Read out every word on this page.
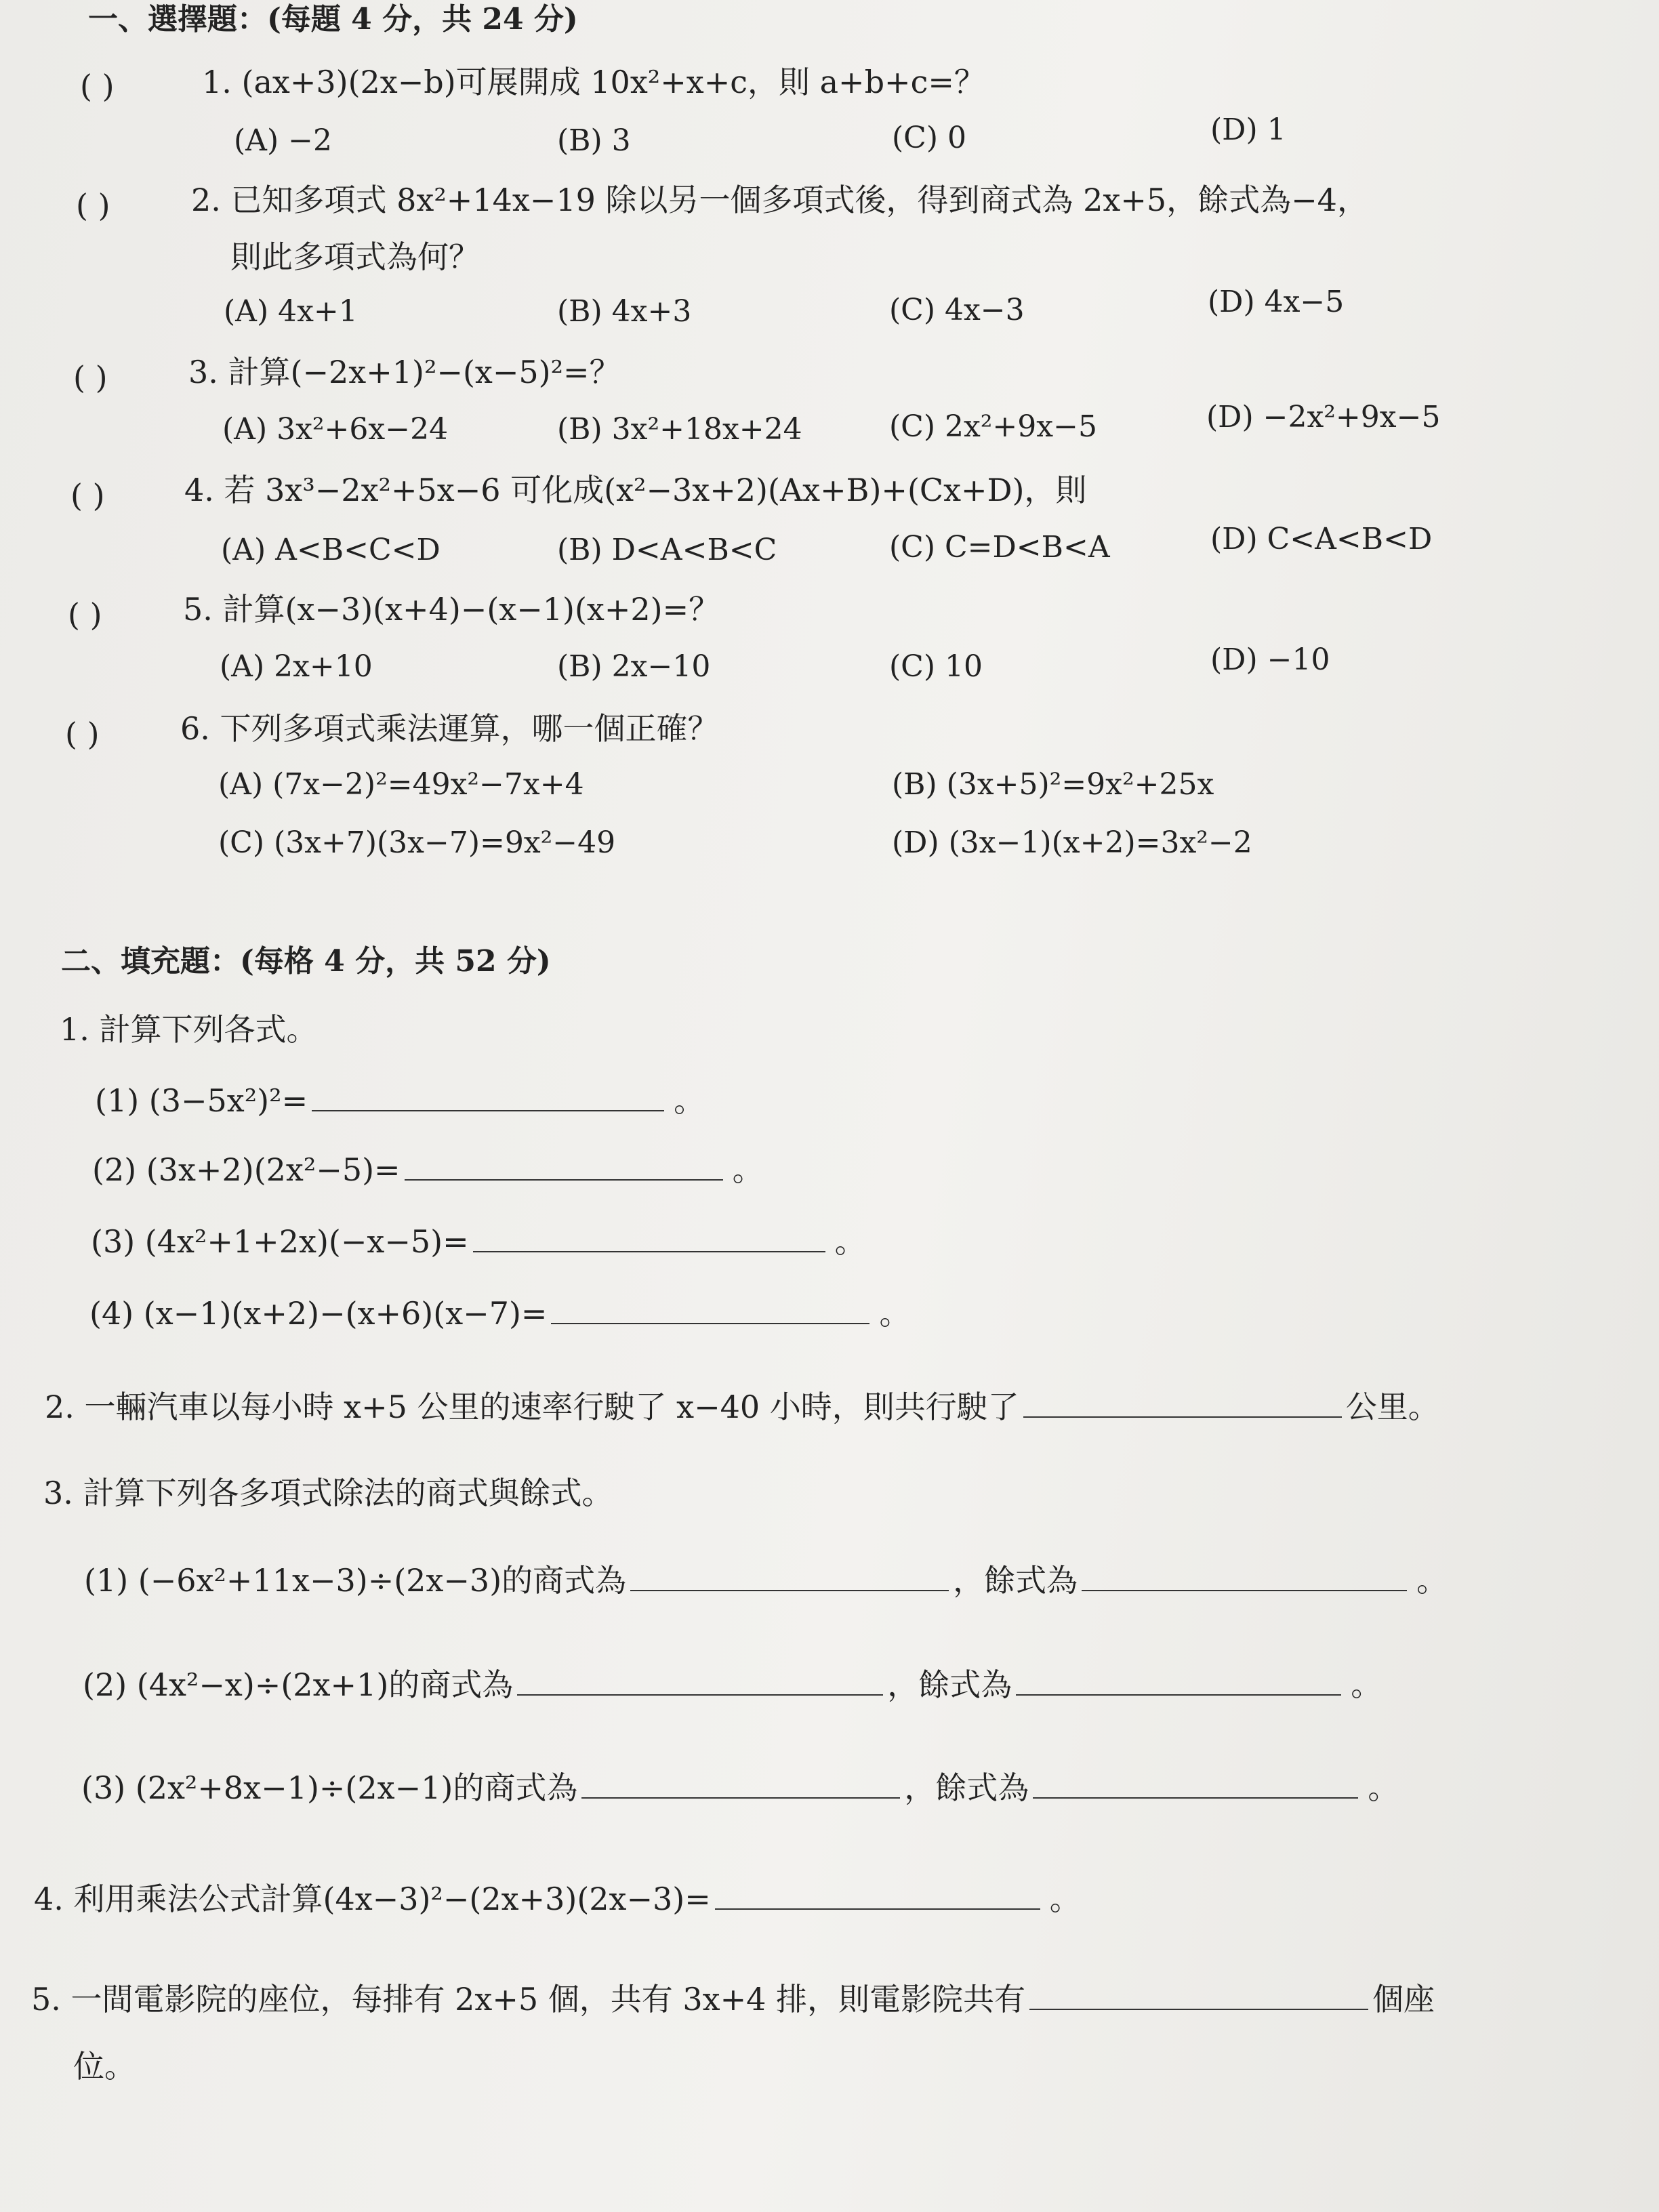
一、選擇題：(每題 4 分，共 24 分)
( )	1. (ax+3)(2x−b)可展開成 10x²+x+c，則 a+b+c=？
(A) −2	(B) 3	(C) 0	(D) 1
( )	2. 已知多項式 8x²+14x−19 除以另一個多項式後，得到商式為 2x+5，餘式為−4，
則此多項式為何？
(A) 4x+1	(B) 4x+3	(C) 4x−3	(D) 4x−5
( )	3. 計算(−2x+1)²−(x−5)²=？
(A) 3x²+6x−24	(B) 3x²+18x+24	(C) 2x²+9x−5	(D) −2x²+9x−5
( )	4. 若 3x³−2x²+5x−6 可化成(x²−3x+2)(Ax+B)+(Cx+D)，則
(A) A<B<C<D	(B) D<A<B<C	(C) C=D<B<A	(D) C<A<B<D
( )	5. 計算(x−3)(x+4)−(x−1)(x+2)=？
(A) 2x+10	(B) 2x−10	(C) 10	(D) −10
( )	6. 下列多項式乘法運算，哪一個正確？
(A) (7x−2)²=49x²−7x+4	(B) (3x+5)²=9x²+25x
(C) (3x+7)(3x−7)=9x²−49	(D) (3x−1)(x+2)=3x²−2
二、填充題：(每格 4 分，共 52 分)
1. 計算下列各式。
(1) (3−5x²)²=	。
(2) (3x+2)(2x²−5)=	。
(3) (4x²+1+2x)(−x−5)=	。
(4) (x−1)(x+2)−(x+6)(x−7)=	。
2. 一輛汽車以每小時 x+5 公里的速率行駛了 x−40 小時，則共行駛了	公里。
3. 計算下列各多項式除法的商式與餘式。
(1) (−6x²+11x−3)÷(2x−3)的商式為	，餘式為	。
(2) (4x²−x)÷(2x+1)的商式為	，餘式為	。
(3) (2x²+8x−1)÷(2x−1)的商式為	，餘式為	。
4. 利用乘法公式計算(4x−3)²−(2x+3)(2x−3)=	。
5. 一間電影院的座位，每排有 2x+5 個，共有 3x+4 排，則電影院共有	個座
位。
